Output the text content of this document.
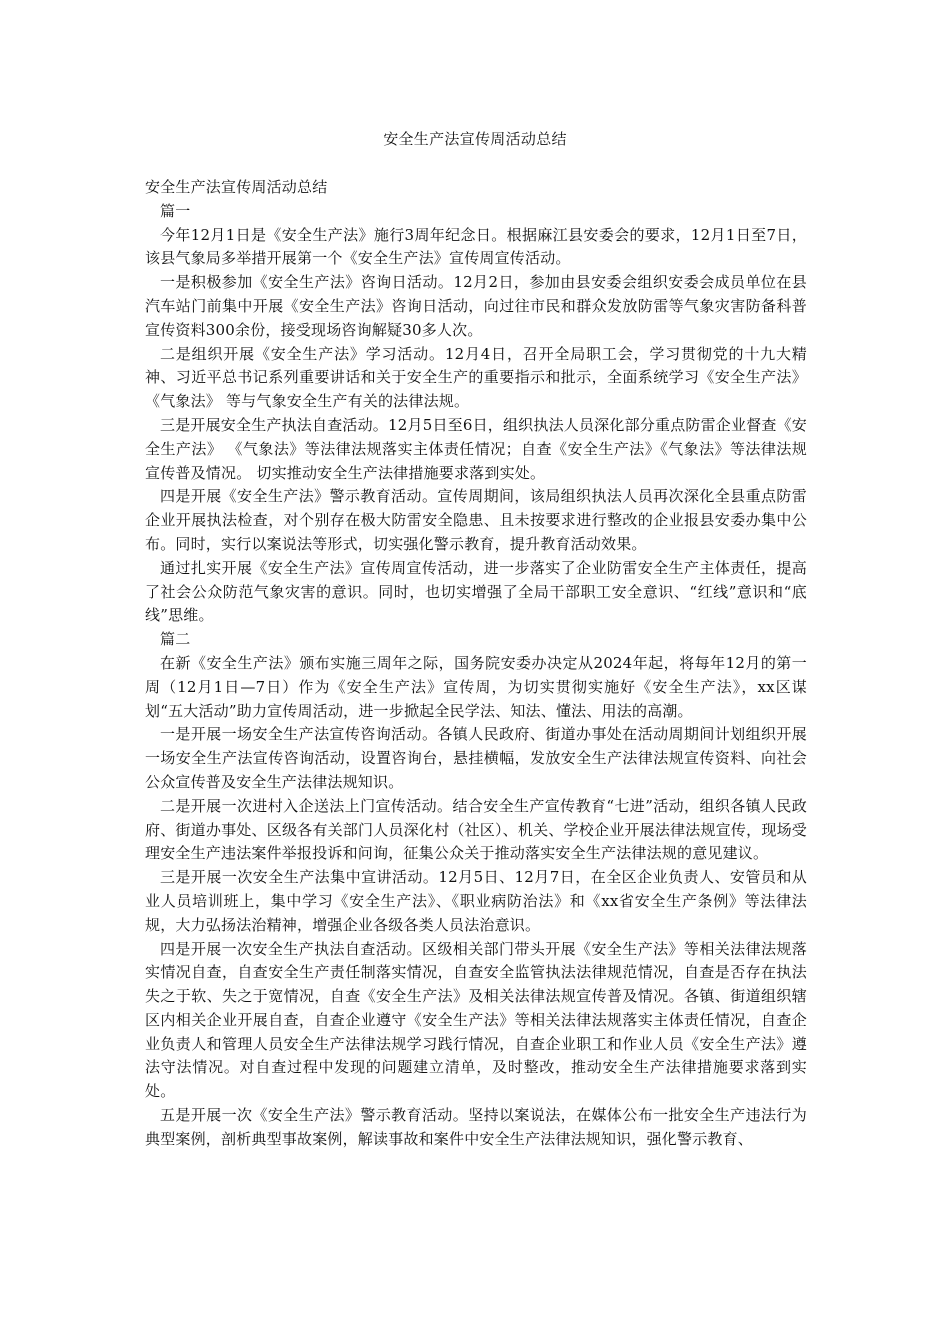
安全生产法宣传周活动总结

安全生产法宣传周活动总结

篇一

今年12月1日是《安全生产法》施行3周年纪念日。根据麻江县安委会的要求，12月1日至7日，该县气象局多举措开展第一个《安全生产法》宣传周宣传活动。

一是积极参加《安全生产法》咨询日活动。12月2日，参加由县安委会组织安委会成员单位在县汽车站门前集中开展《安全生产法》咨询日活动，向过往市民和群众发放防雷等气象灾害防备科普宣传资料300余份，接受现场咨询解疑30多人次。

二是组织开展《安全生产法》学习活动。12月4日，召开全局职工会，学习贯彻党的十九大精神、习近平总书记系列重要讲话和关于安全生产的重要指示和批示，全面系统学习《安全生产法》《气象法》 等与气象安全生产有关的法律法规。

三是开展安全生产执法自查活动。12月5日至6日，组织执法人员深化部分重点防雷企业督查《安全生产法》 《气象法》等法律法规落实主体责任情况；自查《安全生产法》《气象法》等法律法规宣传普及情况。 切实推动安全生产法律措施要求落到实处。

四是开展《安全生产法》警示教育活动。宣传周期间，该局组织执法人员再次深化全县重点防雷企业开展执法检查，对个别存在极大防雷安全隐患、且未按要求进行整改的企业报县安委办集中公布。同时，实行以案说法等形式，切实强化警示教育，提升教育活动效果。

通过扎实开展《安全生产法》宣传周宣传活动，进一步落实了企业防雷安全生产主体责任，提高了社会公众防范气象灾害的意识。同时，也切实增强了全局干部职工安全意识、“红线”意识和“底线”思维。

篇二

在新《安全生产法》颁布实施三周年之际，国务院安委办决定从2024年起，将每年12月的第一周（12月1日—7日）作为《安全生产法》宣传周，为切实贯彻实施好《安全生产法》，xx区谋划“五大活动”助力宣传周活动，进一步掀起全民学法、知法、懂法、用法的高潮。

一是开展一场安全生产法宣传咨询活动。各镇人民政府、街道办事处在活动周期间计划组织开展一场安全生产法宣传咨询活动，设置咨询台，悬挂横幅，发放安全生产法律法规宣传资料、向社会公众宣传普及安全生产法律法规知识。

二是开展一次进村入企送法上门宣传活动。结合安全生产宣传教育“七进”活动，组织各镇人民政府、街道办事处、区级各有关部门人员深化村（社区）、机关、学校企业开展法律法规宣传，现场受理安全生产违法案件举报投诉和问询，征集公众关于推动落实安全生产法律法规的意见建议。

三是开展一次安全生产法集中宣讲活动。12月5日、12月7日，在全区企业负责人、安管员和从业人员培训班上，集中学习《安全生产法》、《职业病防治法》和《xx省安全生产条例》等法律法规，大力弘扬法治精神，增强企业各级各类人员法治意识。

四是开展一次安全生产执法自查活动。区级相关部门带头开展《安全生产法》等相关法律法规落实情况自查，自查安全生产责任制落实情况，自查安全监管执法法律规范情况，自查是否存在执法失之于软、失之于宽情况，自查《安全生产法》及相关法律法规宣传普及情况。各镇、街道组织辖区内相关企业开展自查，自查企业遵守《安全生产法》等相关法律法规落实主体责任情况，自查企业负责人和管理人员安全生产法律法规学习践行情况，自查企业职工和作业人员《安全生产法》遵法守法情况。对自查过程中发现的问题建立清单，及时整改，推动安全生产法律措施要求落到实处。

五是开展一次《安全生产法》警示教育活动。坚持以案说法，在媒体公布一批安全生产违法行为典型案例，剖析典型事故案例，解读事故和案件中安全生产法律法规知识，强化警示教育、
